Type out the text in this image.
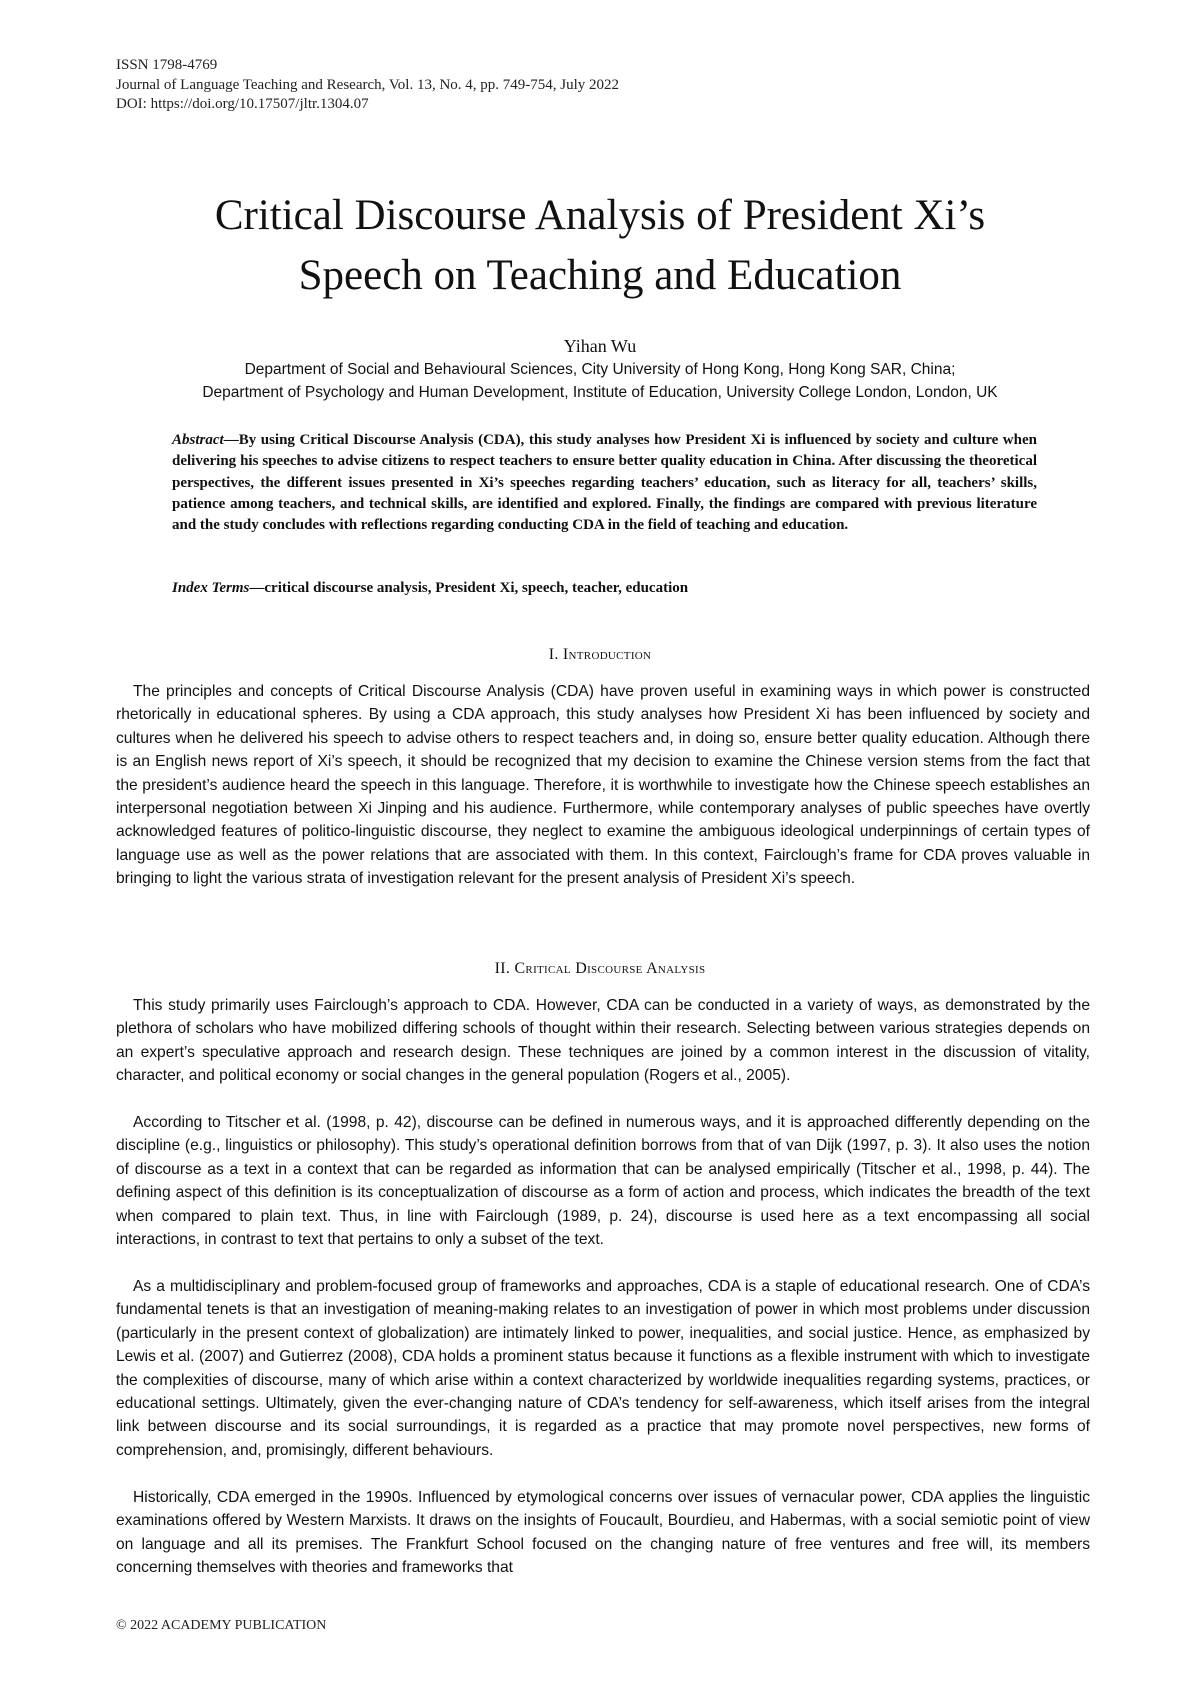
ISSN 1798-4769
Journal of Language Teaching and Research, Vol. 13, No. 4, pp. 749-754, July 2022
DOI: https://doi.org/10.17507/jltr.1304.07
Critical Discourse Analysis of President Xi’s
Speech on Teaching and Education
Yihan Wu
Department of Social and Behavioural Sciences, City University of Hong Kong, Hong Kong SAR, China;
Department of Psychology and Human Development, Institute of Education, University College London, London, UK

Abstract—By using Critical Discourse Analysis (CDA), this study analyses how President Xi is influenced by society and culture when delivering his speeches to advise citizens to respect teachers to ensure better quality education in China. After discussing the theoretical perspectives, the different issues presented in Xi’s speeches regarding teachers’ education, such as literacy for all, teachers’ skills, patience among teachers, and technical skills, are identified and explored. Finally, the findings are compared with previous literature and the study concludes with reflections regarding conducting CDA in the field of teaching and education.

Index Terms—critical discourse analysis, President Xi, speech, teacher, education

I. Introduction

The principles and concepts of Critical Discourse Analysis (CDA) have proven useful in examining ways in which power is constructed rhetorically in educational spheres. By using a CDA approach, this study analyses how President Xi has been influenced by society and cultures when he delivered his speech to advise others to respect teachers and, in doing so, ensure better quality education. Although there is an English news report of Xi’s speech, it should be recognized that my decision to examine the Chinese version stems from the fact that the president’s audience heard the speech in this language. Therefore, it is worthwhile to investigate how the Chinese speech establishes an interpersonal negotiation between Xi Jinping and his audience. Furthermore, while contemporary analyses of public speeches have overtly acknowledged features of politico-linguistic discourse, they neglect to examine the ambiguous ideological underpinnings of certain types of language use as well as the power relations that are associated with them. In this context, Fairclough’s frame for CDA proves valuable in bringing to light the various strata of investigation relevant for the present analysis of President Xi’s speech.

II. Critical Discourse Analysis

This study primarily uses Fairclough’s approach to CDA. However, CDA can be conducted in a variety of ways, as demonstrated by the plethora of scholars who have mobilized differing schools of thought within their research. Selecting between various strategies depends on an expert’s speculative approach and research design. These techniques are joined by a common interest in the discussion of vitality, character, and political economy or social changes in the general population (Rogers et al., 2005).

According to Titscher et al. (1998, p. 42), discourse can be defined in numerous ways, and it is approached differently depending on the discipline (e.g., linguistics or philosophy). This study’s operational definition borrows from that of van Dijk (1997, p. 3). It also uses the notion of discourse as a text in a context that can be regarded as information that can be analysed empirically (Titscher et al., 1998, p. 44). The defining aspect of this definition is its conceptualization of discourse as a form of action and process, which indicates the breadth of the text when compared to plain text. Thus, in line with Fairclough (1989, p. 24), discourse is used here as a text encompassing all social interactions, in contrast to text that pertains to only a subset of the text.

As a multidisciplinary and problem-focused group of frameworks and approaches, CDA is a staple of educational research. One of CDA’s fundamental tenets is that an investigation of meaning-making relates to an investigation of power in which most problems under discussion (particularly in the present context of globalization) are intimately linked to power, inequalities, and social justice. Hence, as emphasized by Lewis et al. (2007) and Gutierrez (2008), CDA holds a prominent status because it functions as a flexible instrument with which to investigate the complexities of discourse, many of which arise within a context characterized by worldwide inequalities regarding systems, practices, or educational settings. Ultimately, given the ever-changing nature of CDA’s tendency for self-awareness, which itself arises from the integral link between discourse and its social surroundings, it is regarded as a practice that may promote novel perspectives, new forms of comprehension, and, promisingly, different behaviours.

Historically, CDA emerged in the 1990s. Influenced by etymological concerns over issues of vernacular power, CDA applies the linguistic examinations offered by Western Marxists. It draws on the insights of Foucault, Bourdieu, and Habermas, with a social semiotic point of view on language and all its premises. The Frankfurt School focused on the changing nature of free ventures and free will, its members concerning themselves with theories and frameworks that

© 2022 ACADEMY PUBLICATION
